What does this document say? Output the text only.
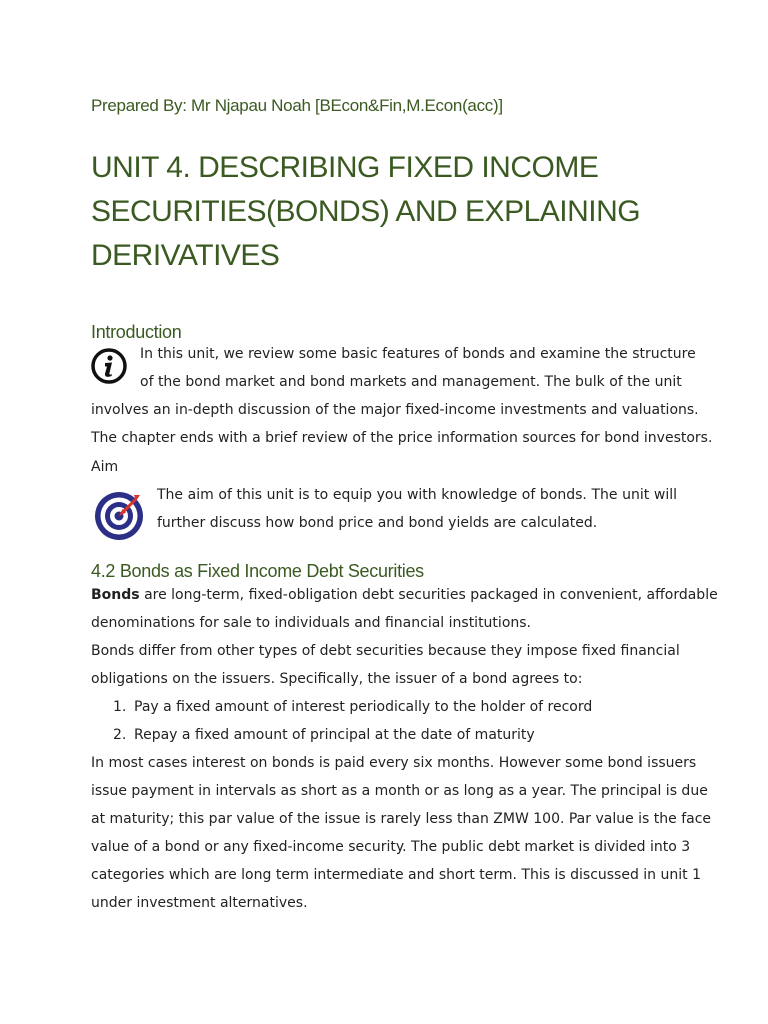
Prepared By: Mr Njapau Noah [BEcon&Fin,M.Econ(acc)]
UNIT 4. DESCRIBING FIXED INCOME
SECURITIES(BONDS) AND EXPLAINING
DERIVATIVES
Introduction
In this unit, we review some basic features of bonds and examine the structure
of the bond market and bond markets and management. The bulk of the unit
involves an in-depth discussion of the major fixed-income investments and valuations.
The chapter ends with a brief review of the price information sources for bond investors.
Aim
The aim of this unit is to equip you with knowledge of bonds. The unit will
further discuss how bond price and bond yields are calculated.
4.2 Bonds as Fixed Income Debt Securities
Bonds are long-term, fixed-obligation debt securities packaged in convenient, affordable
denominations for sale to individuals and financial institutions.
Bonds differ from other types of debt securities because they impose fixed financial
obligations on the issuers. Specifically, the issuer of a bond agrees to:
1. Pay a fixed amount of interest periodically to the holder of record
2. Repay a fixed amount of principal at the date of maturity
In most cases interest on bonds is paid every six months. However some bond issuers
issue payment in intervals as short as a month or as long as a year. The principal is due
at maturity; this par value of the issue is rarely less than ZMW 100. Par value is the face
value of a bond or any fixed-income security. The public debt market is divided into 3
categories which are long term intermediate and short term. This is discussed in unit 1
under investment alternatives.
